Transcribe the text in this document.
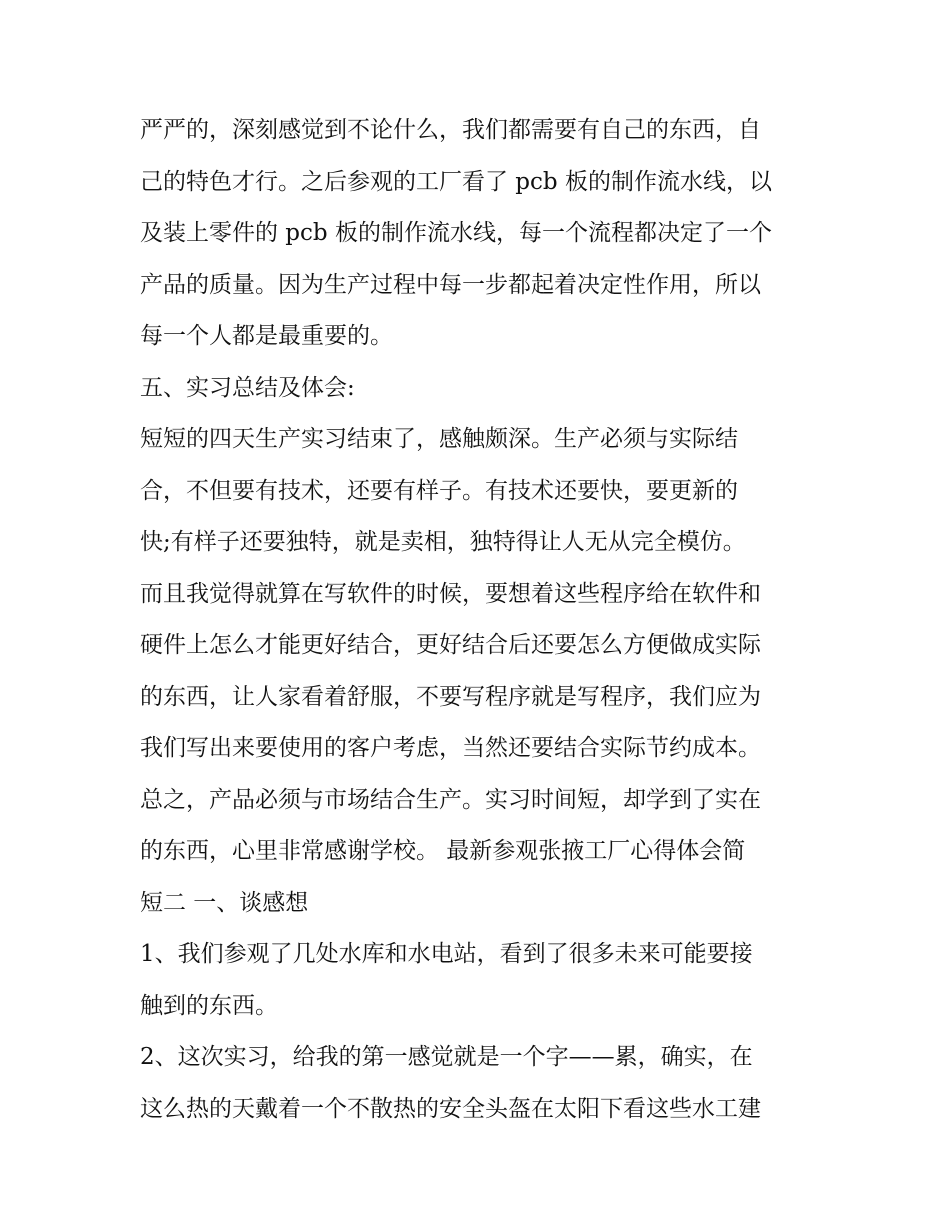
严严的，深刻感觉到不论什么，我们都需要有自己的东西，自

己的特色才行。之后参观的工厂看了 pcb 板的制作流水线，以

及装上零件的 pcb 板的制作流水线，每一个流程都决定了一个

产品的质量。因为生产过程中每一步都起着决定性作用，所以

每一个人都是最重要的。

五、实习总结及体会:

短短的四天生产实习结束了，感触颇深。生产必须与实际结

合，不但要有技术，还要有样子。有技术还要快，要更新的

快;有样子还要独特，就是卖相，独特得让人无从完全模仿。

而且我觉得就算在写软件的时候，要想着这些程序给在软件和

硬件上怎么才能更好结合，更好结合后还要怎么方便做成实际

的东西，让人家看着舒服，不要写程序就是写程序，我们应为

我们写出来要使用的客户考虑，当然还要结合实际节约成本。

总之，产品必须与市场结合生产。实习时间短，却学到了实在

的东西，心里非常感谢学校。 最新参观张掖工厂心得体会简

短二 一、谈感想

1、我们参观了几处水库和水电站，看到了很多未来可能要接

触到的东西。

2、这次实习，给我的第一感觉就是一个字——累，确实，在

这么热的天戴着一个不散热的安全头盔在太阳下看这些水工建
